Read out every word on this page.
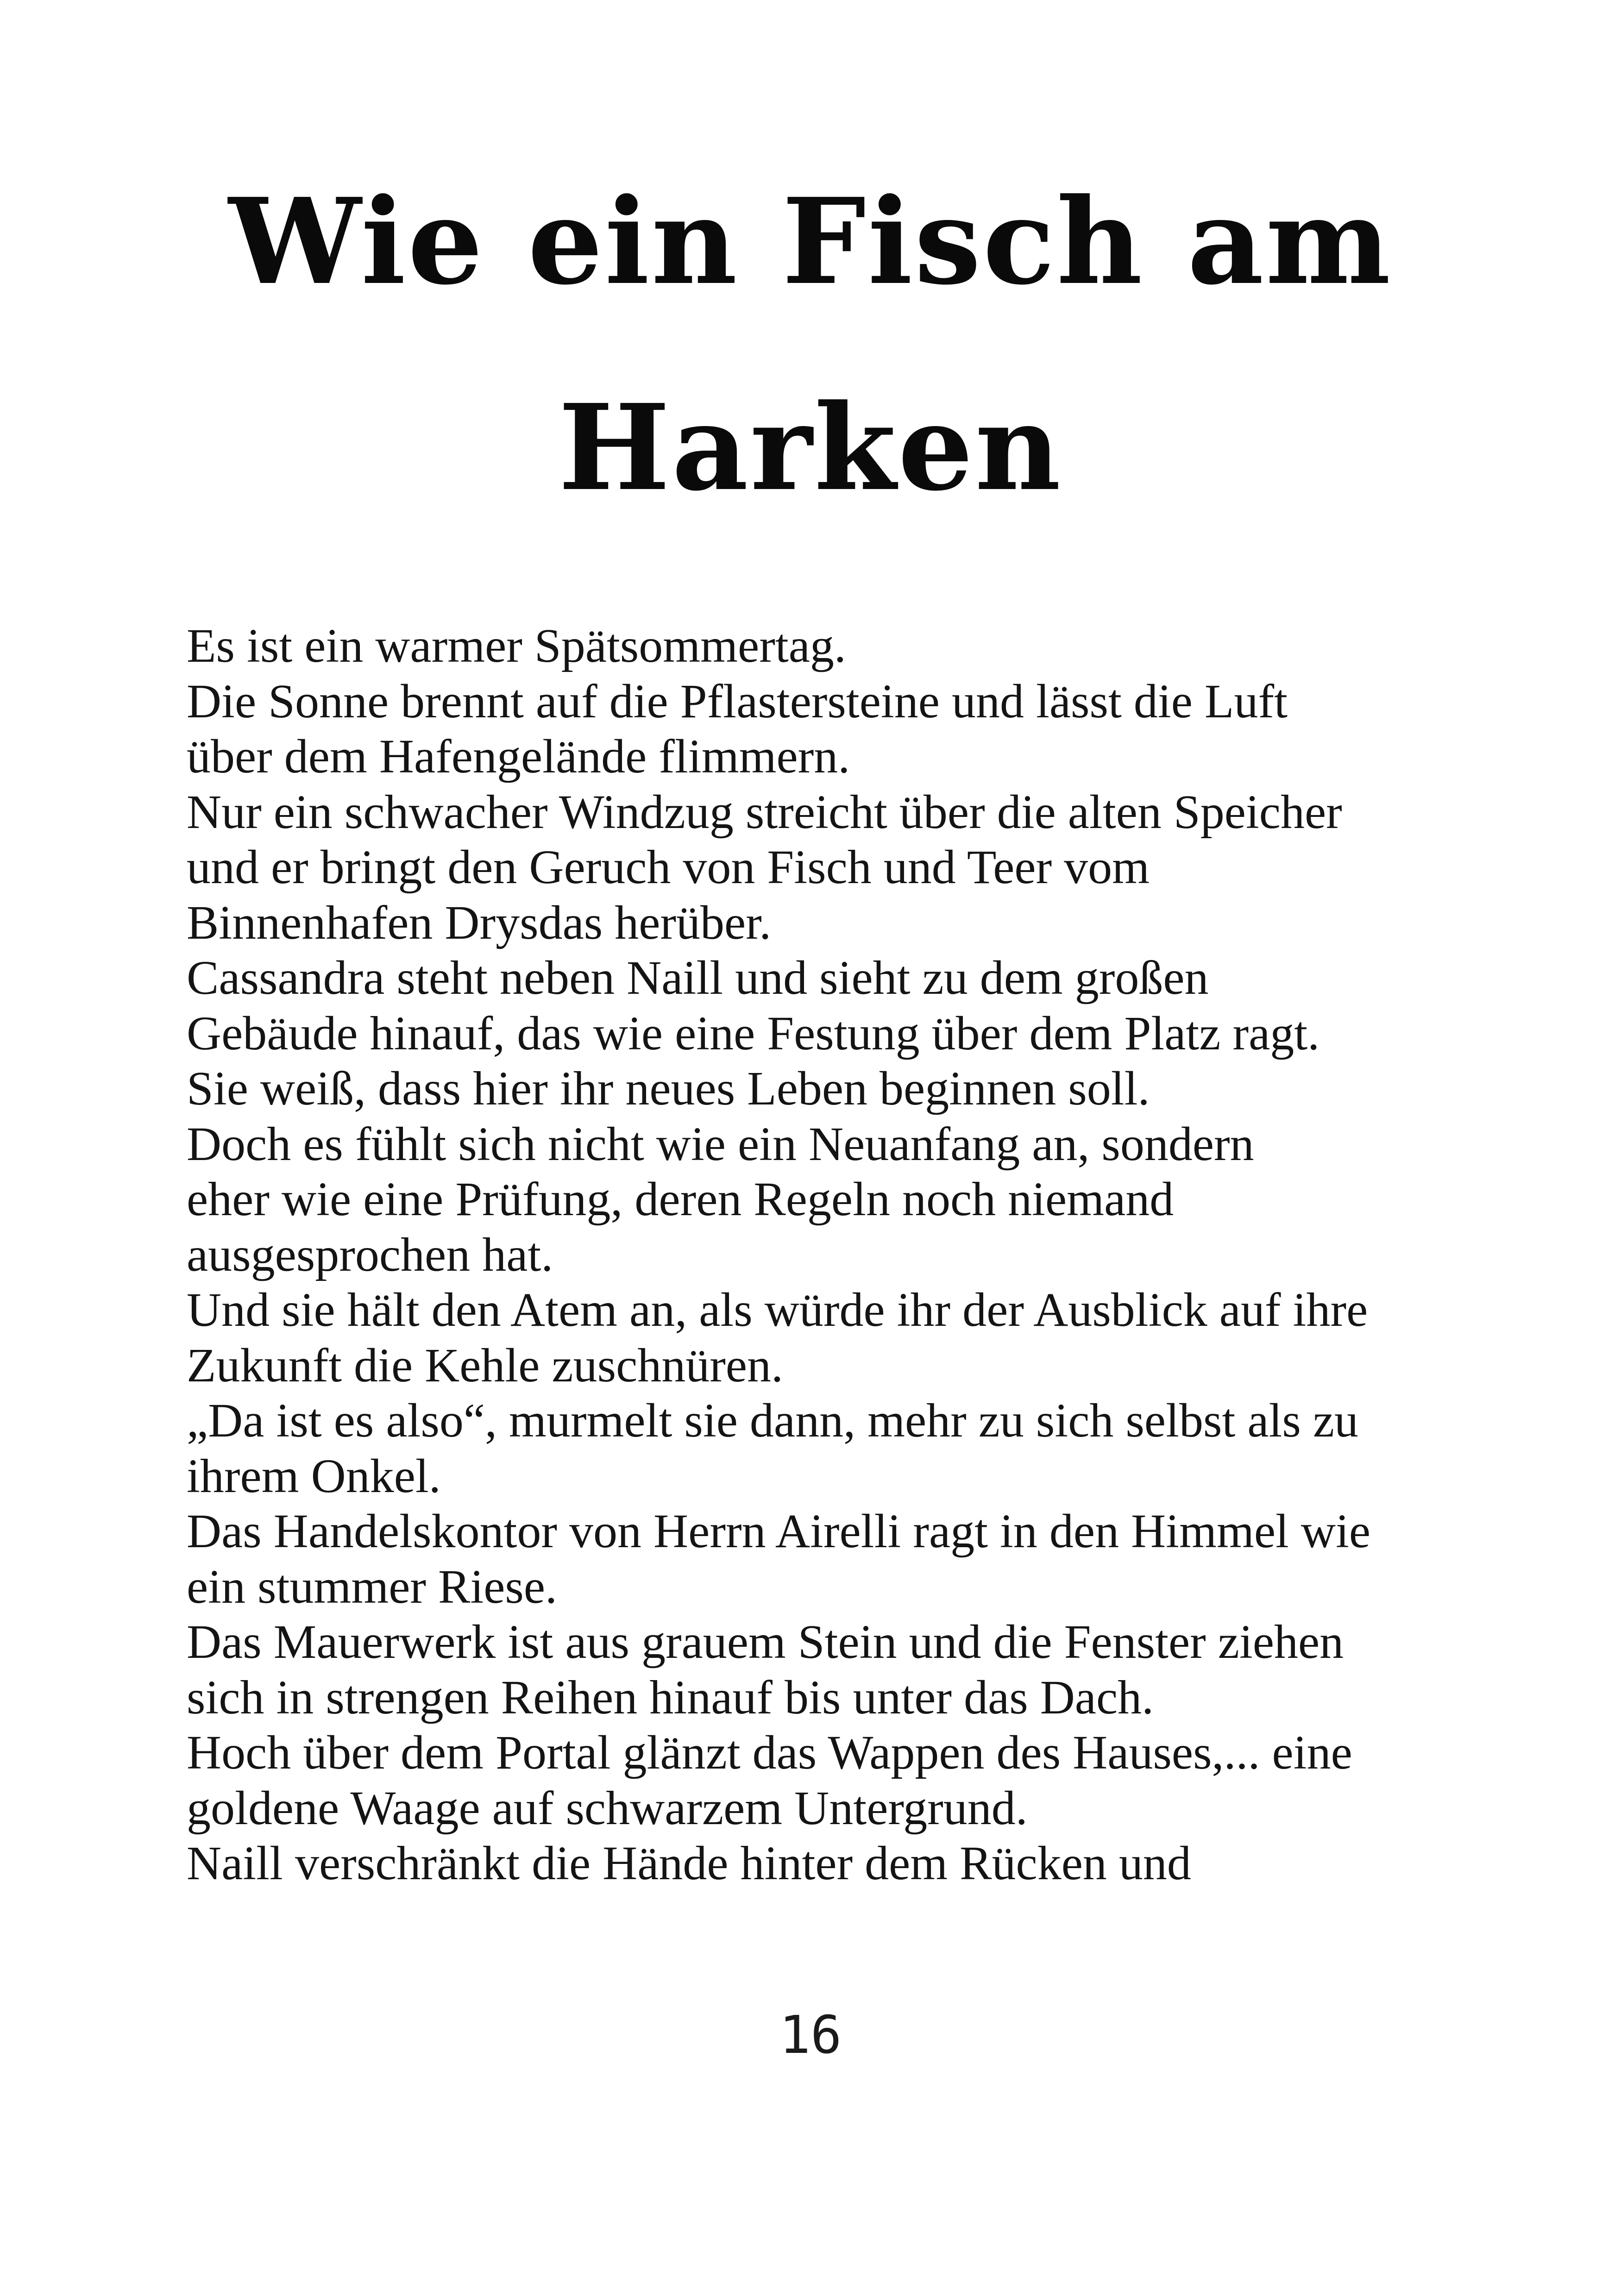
Wie ein Fisch am
Harken
Es ist ein warmer Spätsommertag.
Die Sonne brennt auf die Pflastersteine und lässt die Luft
über dem Hafengelände flimmern.
Nur ein schwacher Windzug streicht über die alten Speicher
und er bringt den Geruch von Fisch und Teer vom
Binnenhafen Drysdas herüber.
Cassandra steht neben Naill und sieht zu dem großen
Gebäude hinauf, das wie eine Festung über dem Platz ragt.
Sie weiß, dass hier ihr neues Leben beginnen soll.
Doch es fühlt sich nicht wie ein Neuanfang an, sondern
eher wie eine Prüfung, deren Regeln noch niemand
ausgesprochen hat.
Und sie hält den Atem an, als würde ihr der Ausblick auf ihre
Zukunft die Kehle zuschnüren.
„Da ist es also“, murmelt sie dann, mehr zu sich selbst als zu
ihrem Onkel.
Das Handelskontor von Herrn Airelli ragt in den Himmel wie
ein stummer Riese.
Das Mauerwerk ist aus grauem Stein und die Fenster ziehen
sich in strengen Reihen hinauf bis unter das Dach.
Hoch über dem Portal glänzt das Wappen des Hauses,... eine
goldene Waage auf schwarzem Untergrund.
Naill verschränkt die Hände hinter dem Rücken und
16
